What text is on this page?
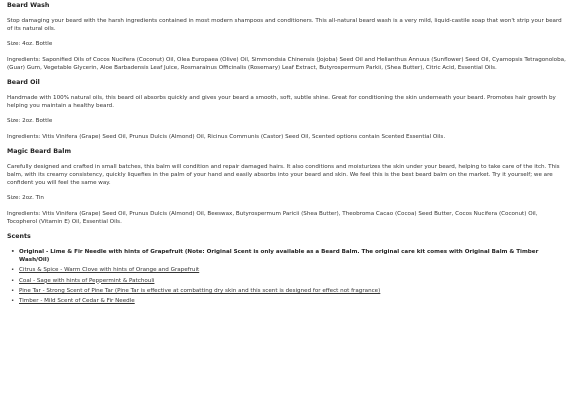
Beard Wash

Stop damaging your beard with the harsh ingredients contained in most modern shampoos and conditioners. This all-natural beard wash is a very mild, liquid-castile soap that won't strip your beard of its natural oils.

Size: 4oz. Bottle

Ingredients: Saponified Oils of Cocos Nucifera (Coconut) Oil, Olea Europaea (Olive) Oil, Simmondsia Chinensis (Jojoba) Seed Oil and Helianthus Annuus (Sunflower) Seed Oil, Cyamopsis Tetragonoloba, (Guar) Gum, Vegetable Glycerin, Aloe Barbadensis Leaf Juice, Rosmarainus Officinalis (Rosemary) Leaf Extract, Butyrospermum Parkii, (Shea Butter), Citric Acid, Essential Oils.

Beard Oil

Handmade with 100% natural oils, this beard oil absorbs quickly and gives your beard a smooth, soft, subtle shine. Great for conditioning the skin underneath your beard. Promotes hair growth by helping you maintain a healthy beard.

Size: 2oz. Bottle

Ingredients: Vitis Vinifera (Grape) Seed Oil, Prunus Dulcis (Almond) Oil, Ricinus Communis (Castor) Seed Oil, Scented options contain Scented Essential Oils.

Magic Beard Balm

Carefully designed and crafted in small batches, this balm will condition and repair damaged hairs. It also conditions and moisturizes the skin under your beard, helping to take care of the itch. This balm, with its creamy consistency, quickly liquefies in the palm of your hand and easily absorbs into your beard and skin. We feel this is the best beard balm on the market. Try it yourself; we are confident you will feel the same way.

Size: 2oz. Tin

Ingredients: Vitis Vinifera (Grape) Seed Oil, Prunus Dulcis (Almond) Oil, Beeswax, Butyrospermum Paricii (Shea Butter), Theobroma Cacao (Cocoa) Seed Butter, Cocos Nucifera (Coconut) Oil, Tocopherol (Vitamin E) Oil, Essential Oils.

Scents
• Original - Lime & Fir Needle with hints of Grapefruit (Note: Original Scent is only available as a Beard Balm. The original care kit comes with Original Balm & Timber Wash/Oil)
• Citrus & Spice - Warm Clove with hints of Orange and Grapefruit
• Coal - Sage with hints of Peppermint & Patchouli
• Pine Tar - Strong Scent of Pine Tar (Pine Tar is effective at combatting dry skin and this scent is designed for effect not fragrance)
• Timber - Mild Scent of Cedar & Fir Needle
